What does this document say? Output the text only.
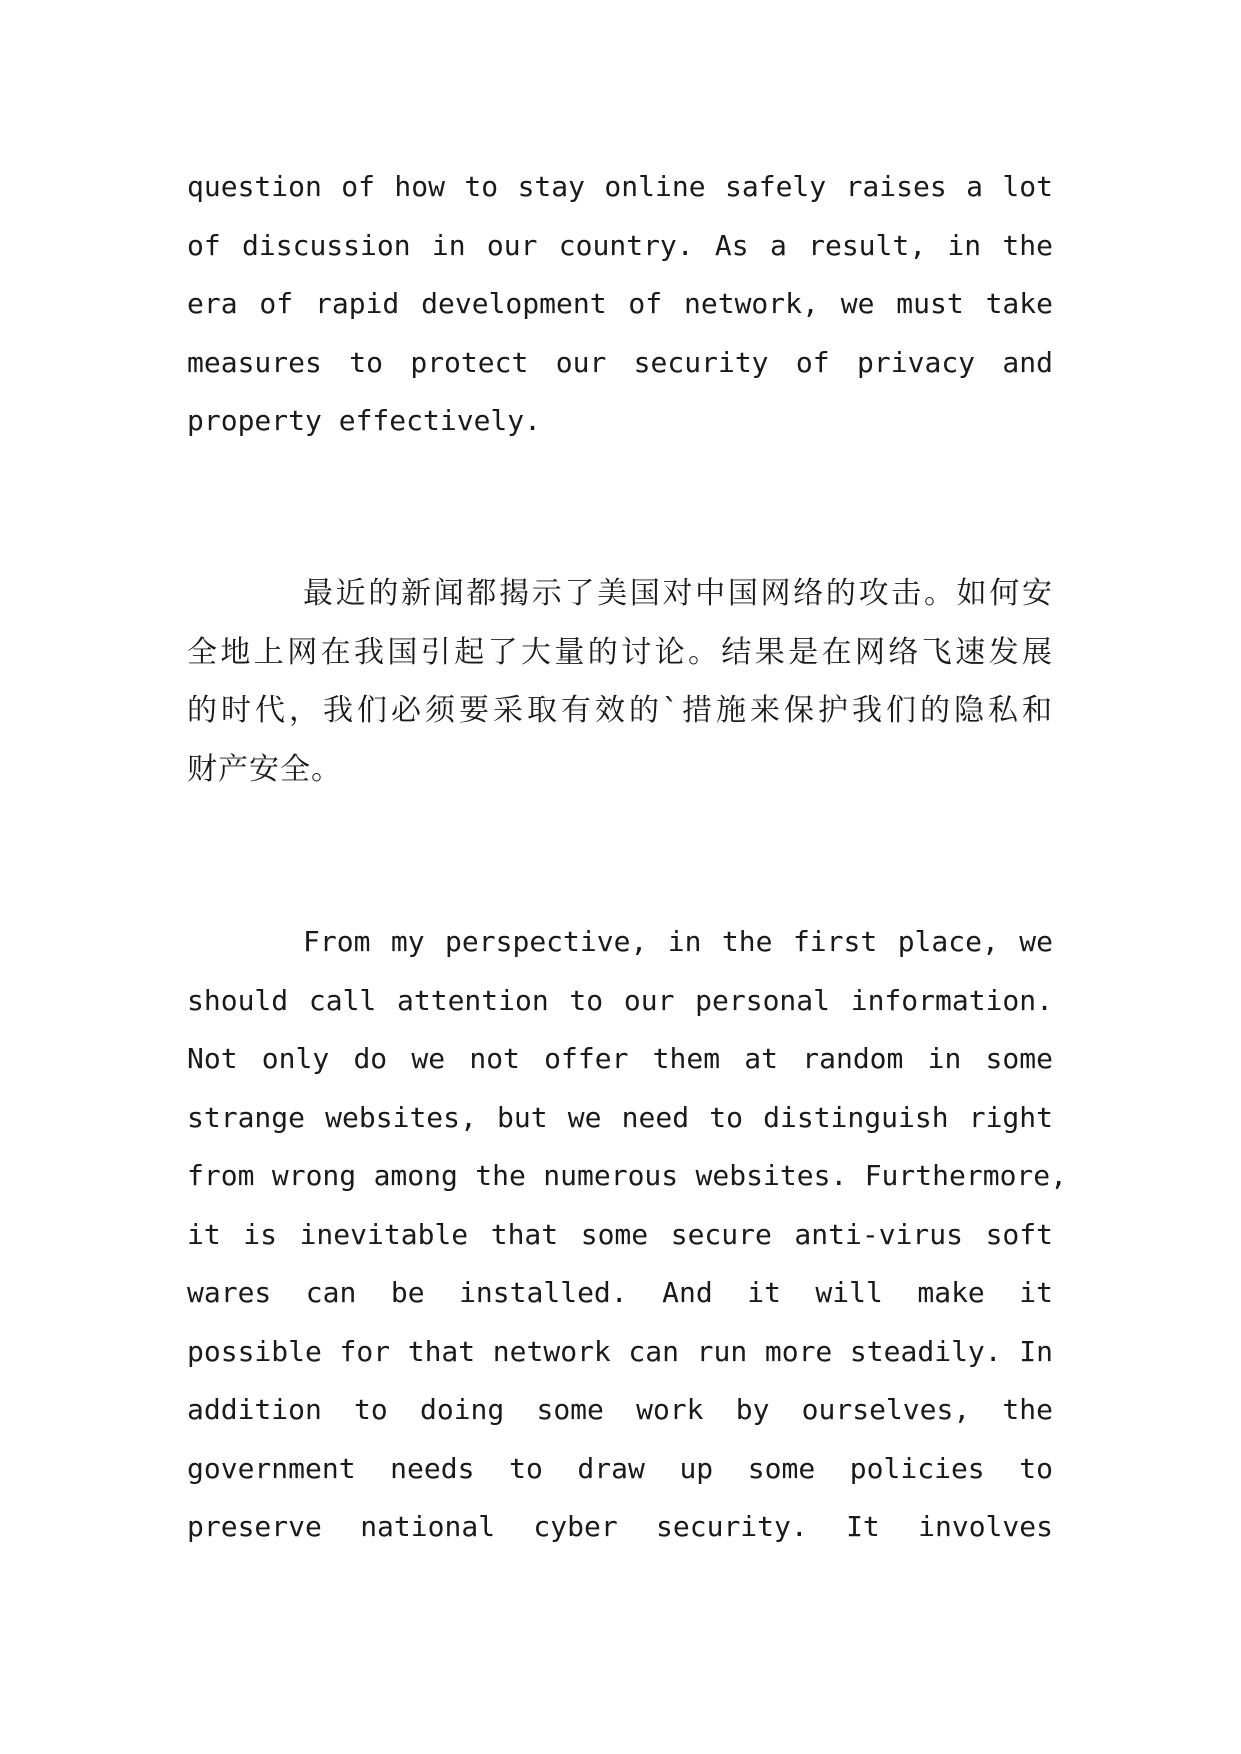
question of how to stay online safely raises a lot
of discussion in our country. As a result, in the
era of rapid development of network, we must take
measures to protect our security of privacy and
property effectively.
最近的新闻都揭示了美国对中国网络的攻击。如何安
全地上网在我国引起了大量的讨论。结果是在网络飞速发展
的时代，我们必须要采取有效的`措施来保护我们的隐私和
财产安全。
From my perspective, in the first place, we
should call attention to our personal information.
Not only do we not offer them at random in some
strange websites, but we need to distinguish right
from wrong among the numerous websites. Furthermore,
it is inevitable that some secure anti-virus soft
wares can be installed. And it will make it
possible for that network can run more steadily. In
addition to doing some work by ourselves, the
government needs to draw up some policies to
preserve national cyber security. It involves
